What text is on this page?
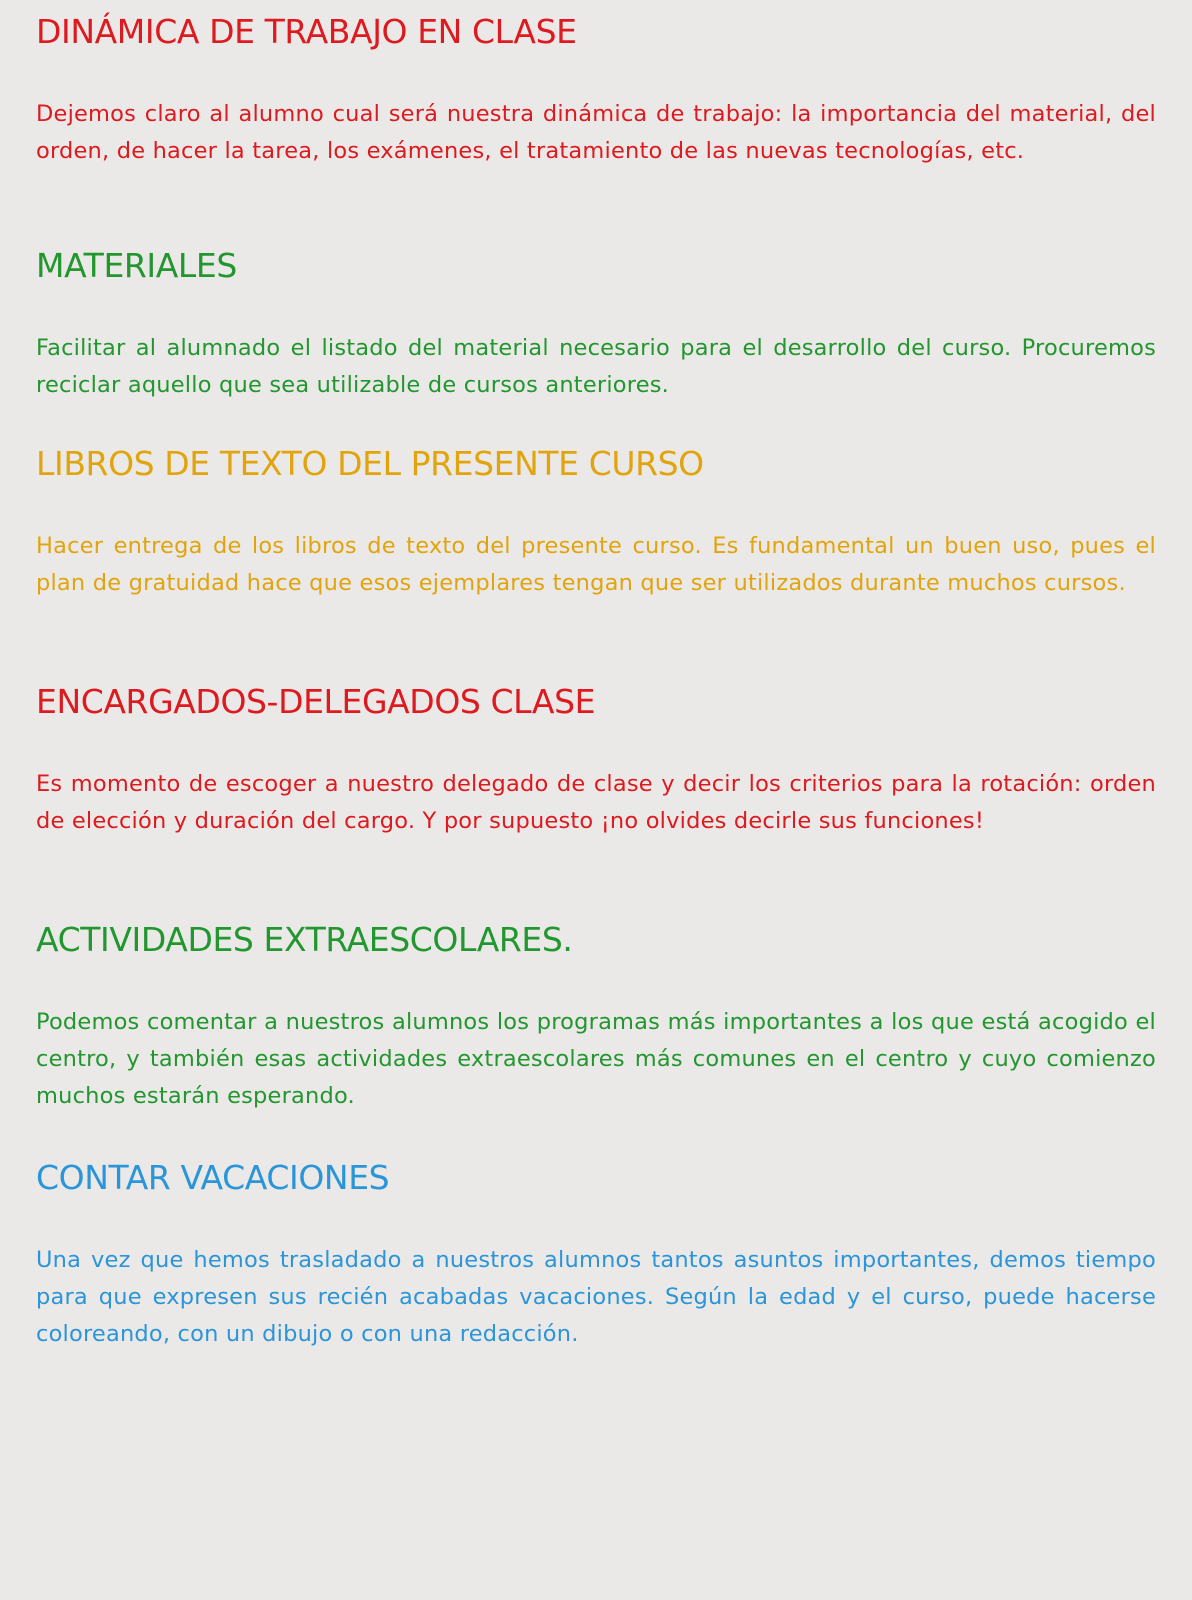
DINÁMICA DE TRABAJO EN CLASE

Dejemos claro al alumno cual será nuestra dinámica de trabajo: la importancia del material, del orden, de hacer la tarea, los exámenes, el tratamiento de las nuevas tecnologías, etc.

MATERIALES

Facilitar al alumnado el listado del material necesario para el desarrollo del curso. Procuremos reciclar aquello que sea utilizable de cursos anteriores.

LIBROS DE TEXTO DEL PRESENTE CURSO

Hacer entrega de los libros de texto del presente curso. Es fundamental un buen uso, pues el plan de gratuidad hace que esos ejemplares tengan que ser utilizados durante muchos cursos.

ENCARGADOS-DELEGADOS CLASE

Es momento de escoger a nuestro delegado de clase y decir los criterios para la rotación: orden de elección y duración del cargo. Y por supuesto ¡no olvides decirle sus funciones!

ACTIVIDADES EXTRAESCOLARES.

Podemos comentar a nuestros alumnos los programas más importantes a los que está acogido el centro, y también esas actividades extraescolares más comunes en el centro y cuyo comienzo muchos estarán esperando.

CONTAR VACACIONES

Una vez que hemos trasladado a nuestros alumnos tantos asuntos importantes, demos tiempo para que expresen sus recién acabadas vacaciones. Según la edad y el curso, puede hacerse coloreando, con un dibujo o con una redacción.
